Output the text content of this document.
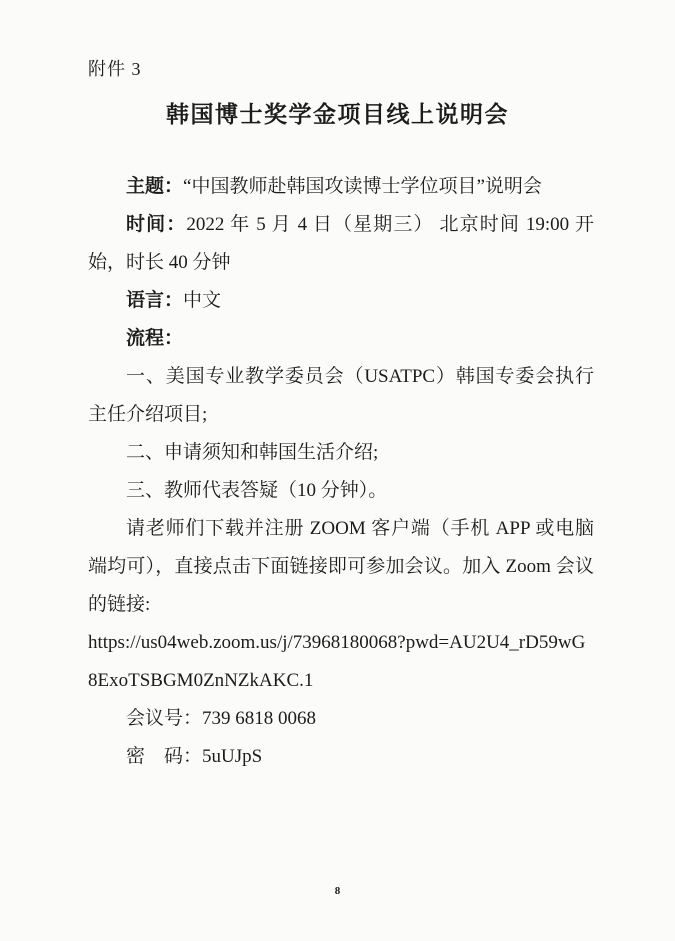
附件 3
韩国博士奖学金项目线上说明会

主题：“中国教师赴韩国攻读博士学位项目”说明会

时间：2022 年 5 月 4 日（星期三） 北京时间 19:00 开始，时长 40 分钟

语言：中文

流程：

一、美国专业教学委员会（USATPC）韩国专委会执行主任介绍项目;

二、申请须知和韩国生活介绍;

三、教师代表答疑（10 分钟）。

请老师们下载并注册 ZOOM 客户端（手机 APP 或电脑端均可），直接点击下面链接即可参加会议。加入 Zoom 会议的链接:

https://us04web.zoom.us/j/73968180068?pwd=AU2U4_rD59wG8ExoTSBGM0ZnNZkAKC.1

会议号：739 6818 0068

密　码：5uUJpS

8
